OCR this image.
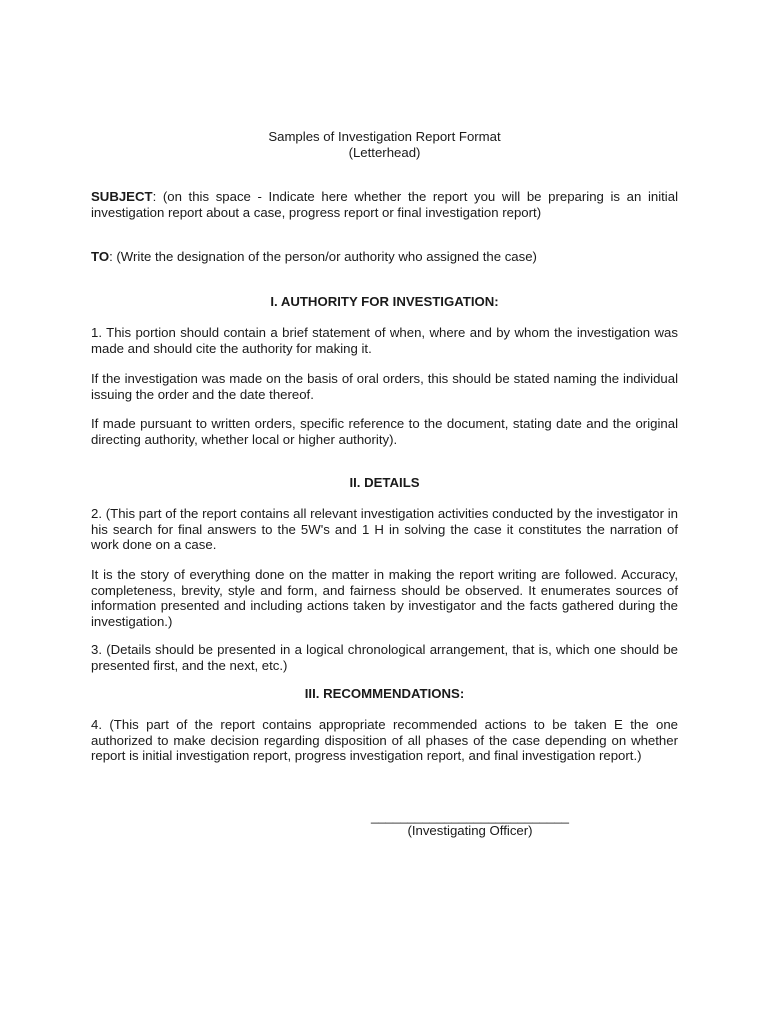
Samples of Investigation Report Format
(Letterhead)
SUBJECT: (on this space - Indicate here whether the report you will be preparing is an initial investigation report about a case, progress report or final investigation report)
TO: (Write the designation of the person/or authority who assigned the case)
I. AUTHORITY FOR INVESTIGATION:
1. This portion should contain a brief statement of when, where and by whom the investigation was made and should cite the authority for making it.
If the investigation was made on the basis of oral orders, this should be stated naming the individual issuing the order and the date thereof.
If made pursuant to written orders, specific reference to the document, stating date and the original directing authority, whether local or higher authority).
II. DETAILS
2. (This part of the report contains all relevant investigation activities conducted by the investigator in his search for final answers to the 5W's and 1 H in solving the case it constitutes the narration of work done on a case.
It is the story of everything done on the matter in making the report writing are followed. Accuracy, completeness, brevity, style and form, and fairness should be observed. It enumerates sources of information presented and including actions taken by investigator and the facts gathered during the investigation.)
3. (Details should be presented in a logical chronological arrangement, that is, which one should be presented first, and the next, etc.)
III. RECOMMENDATIONS:
4. (This part of the report contains appropriate recommended actions to be taken E the one authorized to make decision regarding disposition of all phases of the case depending on whether report is initial investigation report, progress investigation report, and final investigation report.)
___________________________
(Investigating Officer)
